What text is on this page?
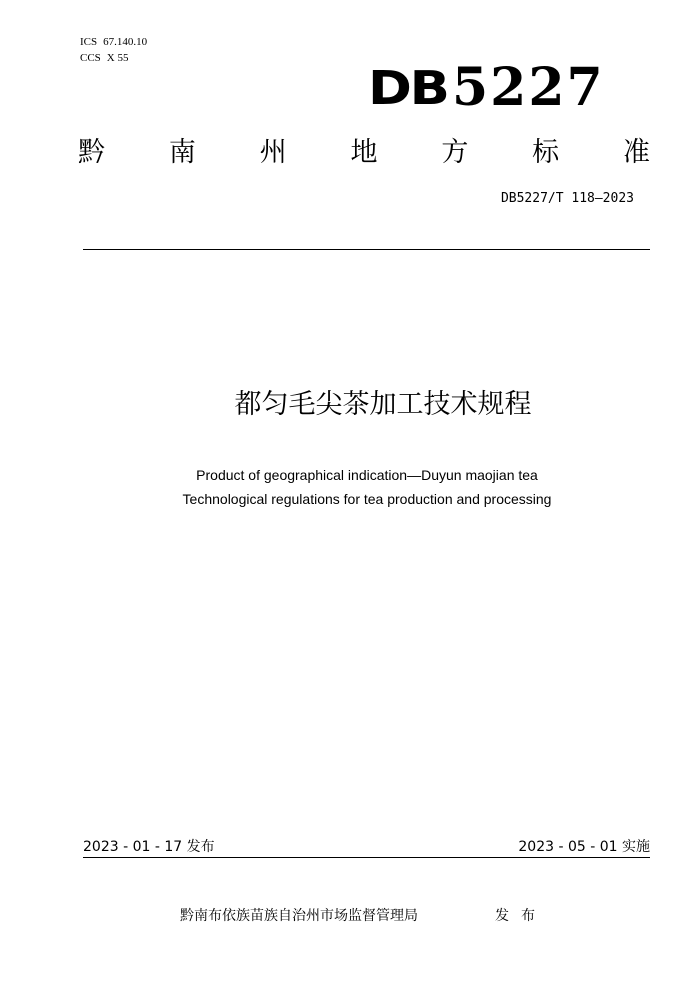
ICS 67.140.10
CCS X 55
DB 5227
黔 南 州 地 方 标 准
DB5227/T 118—2023
都匀毛尖茶加工技术规程
Product of geographical indication—Duyun maojian tea
Technological regulations for tea production and processing
2023 - 01 - 17 发布	2023 - 05 - 01 实施
黔南布依族苗族自治州市场监督管理局	发布
